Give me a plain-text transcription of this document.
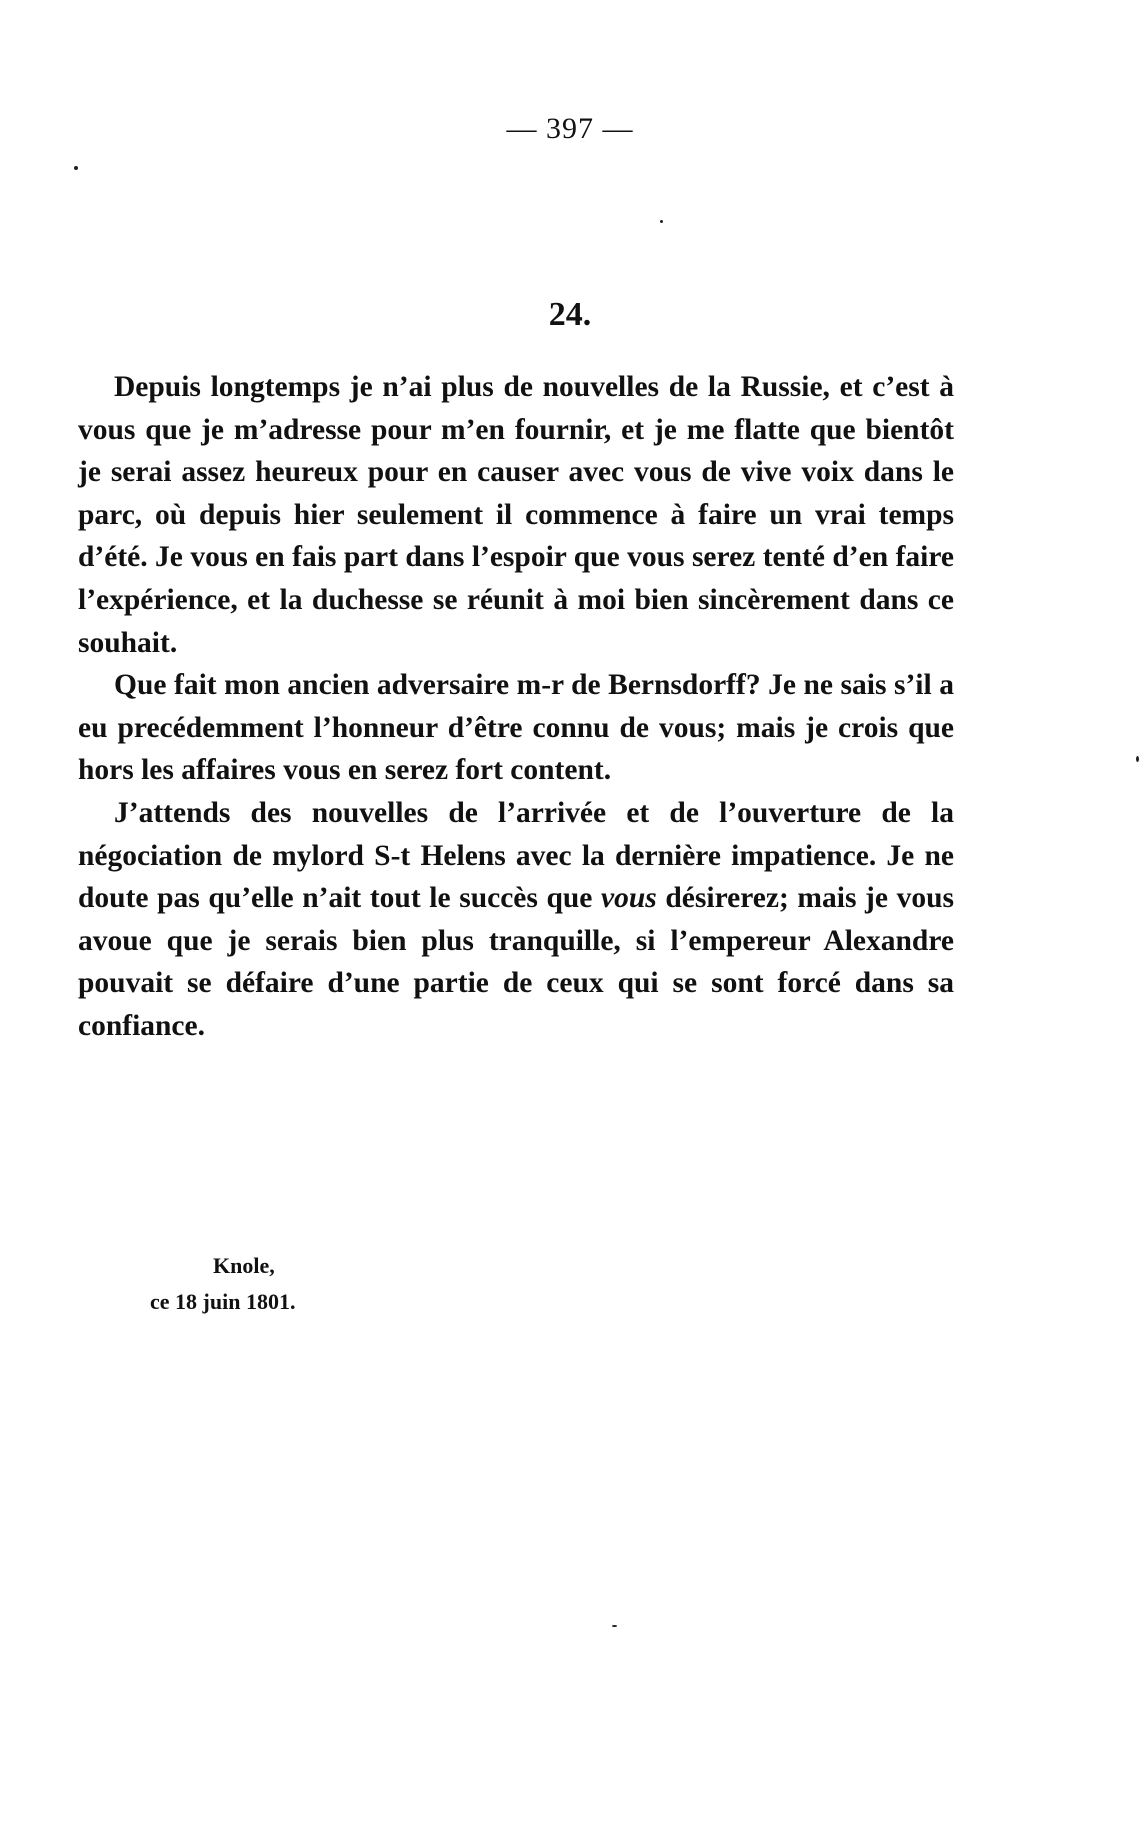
— 397 —
24.

Depuis longtemps je n’ai plus de nouvelles de la Russie, et c’est à vous que je m’adresse pour m’en fournir, et je me flatte que bientôt je serai assez heureux pour en causer avec vous de vive voix dans le parc, où depuis hier seulement il commence à faire un vrai temps d’été. Je vous en fais part dans l’espoir que vous serez tenté d’en faire l’expérience, et la duchesse se réunit à moi bien sincèrement dans ce souhait.

Que fait mon ancien adversaire m-r de Bernsdorff? Je ne sais s’il a eu precédemment l’honneur d’être connu de vous; mais je crois que hors les affaires vous en serez fort content.

J’attends des nouvelles de l’arrivée et de l’ouverture de la négociation de mylord S-t Helens avec la dernière impatience. Je ne doute pas qu’elle n’ait tout le succès que vous désirerez; mais je vous avoue que je serais bien plus tranquille, si l’empereur Alexandre pouvait se défaire d’une partie de ceux qui se sont forcé dans sa confiance.

Knole,
ce 18 juin 1801.
